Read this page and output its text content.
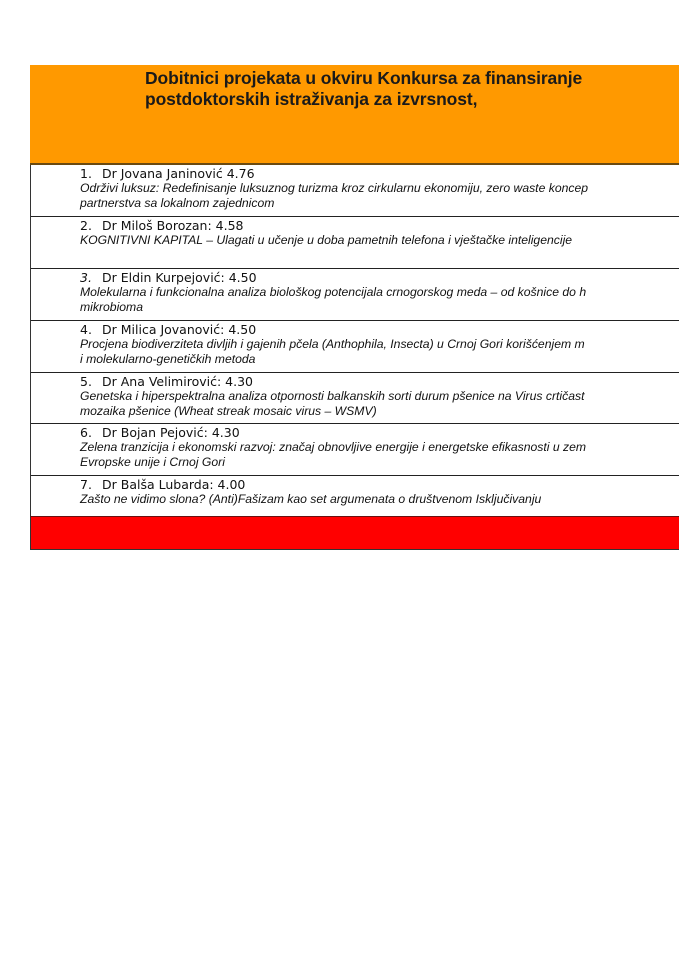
Dobitnici projekata u okviru Konkursa za finansiranje

postdoktorskih istraživanja za izvrsnost,

1. Dr Jovana Janinović 4.76
Održivi luksuz: Redefinisanje luksuznog turizma kroz cirkularnu ekonomiju, zero waste koncep
partnerstva sa lokalnom zajednicom
2. Dr Miloš Borozan: 4.58
KOGNITIVNI KAPITAL – Ulagati u učenje u doba pametnih telefona i vještačke inteligencije
3. Dr Eldin Kurpejović: 4.50
Molekularna i funkcionalna analiza biološkog potencijala crnogorskog meda – od košnice do h
mikrobioma
4. Dr Milica Jovanović: 4.50
Procjena biodiverziteta divljih i gajenih pčela (Anthophila, Insecta) u Crnoj Gori korišćenjem m
i molekularno-genetičkih metoda
5. Dr Ana Velimirović: 4.30
Genetska i hiperspektralna analiza otpornosti balkanskih sorti durum pšenice na Virus crtičast
mozaika pšenice (Wheat streak mosaic virus – WSMV)
6. Dr Bojan Pejović: 4.30
Zelena tranzicija i ekonomski razvoj: značaj obnovljive energije i energetske efikasnosti u zem
Evropske unije i Crnoj Gori
7. Dr Balša Lubarda: 4.00
Zašto ne vidimo slona? (Anti)Fašizam kao set argumenata o društvenom Isključivanju
